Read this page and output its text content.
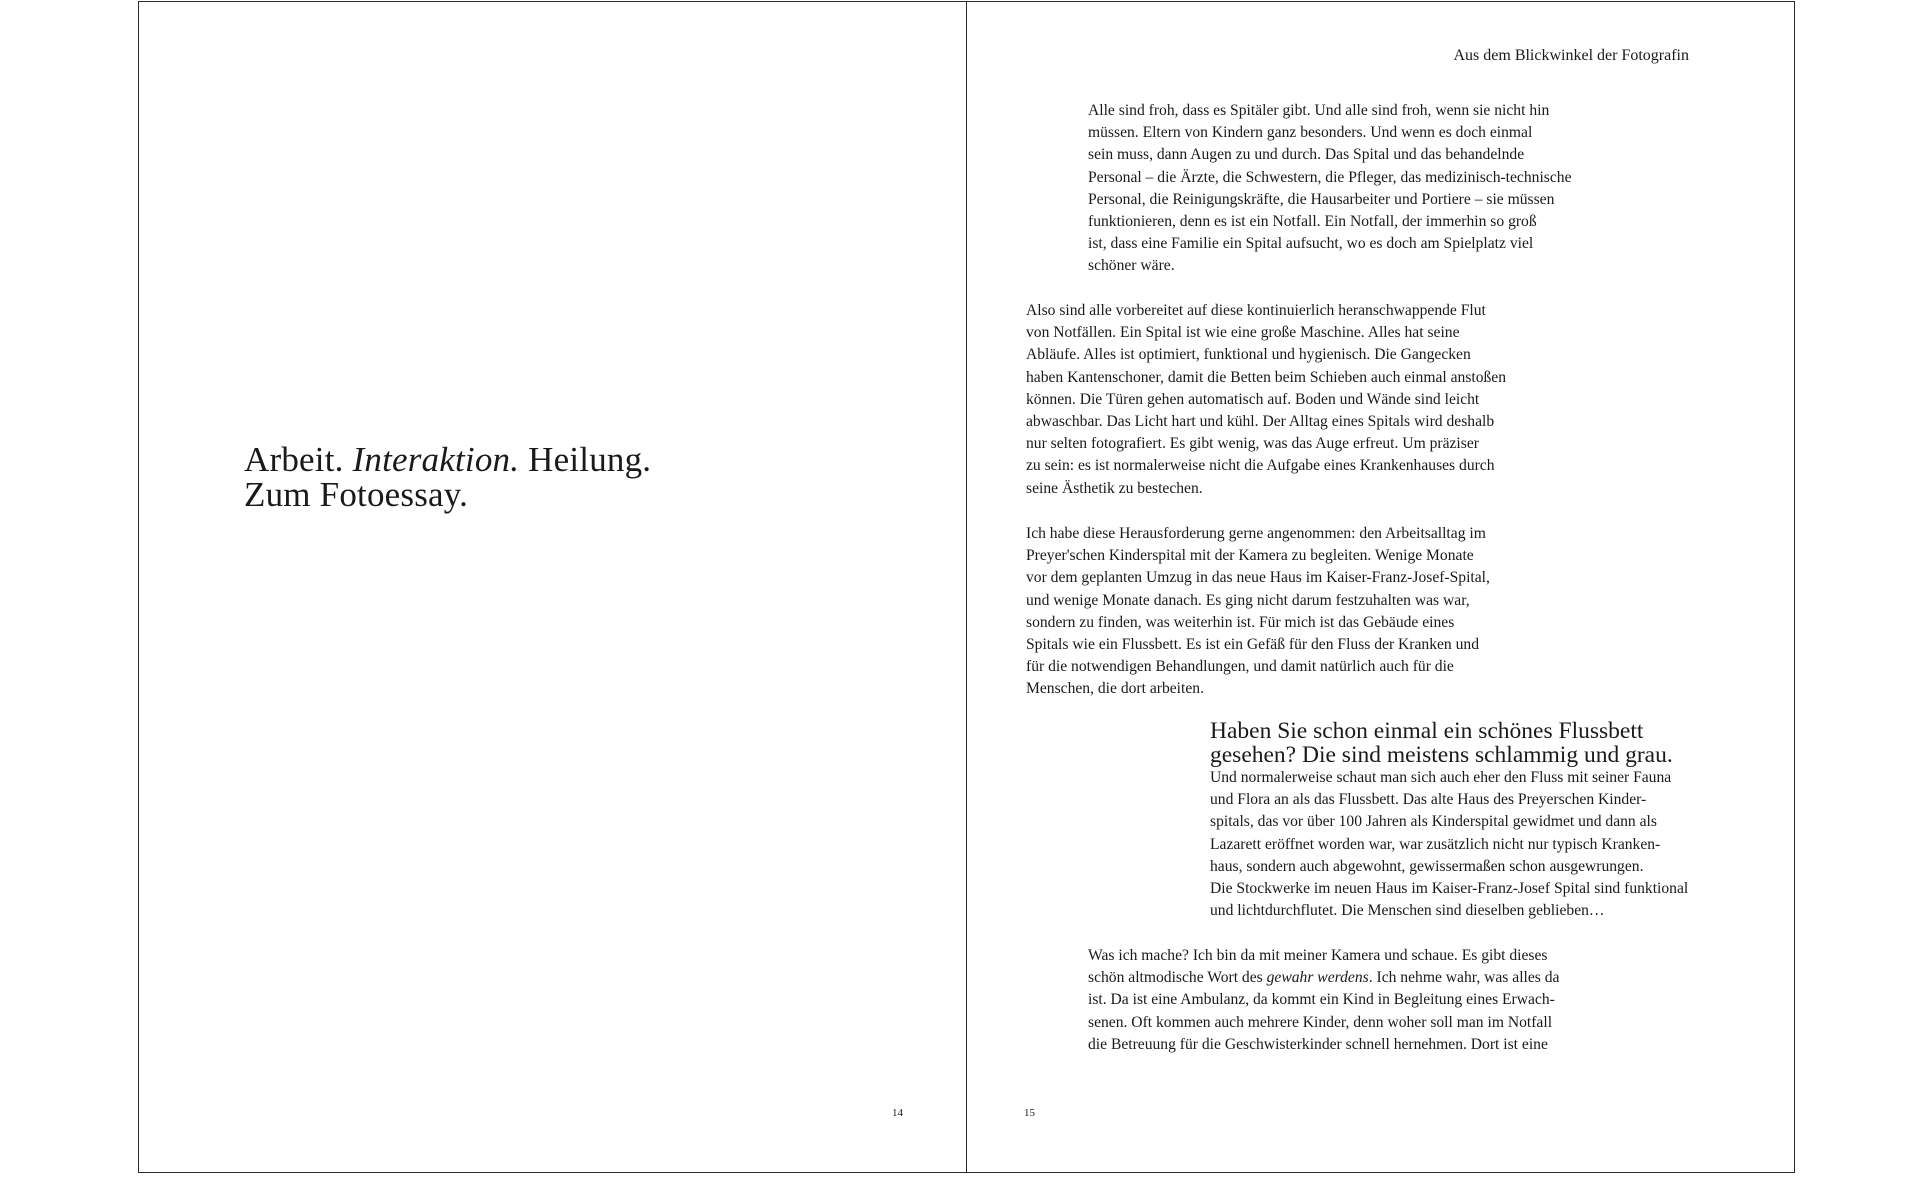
Arbeit. Interaktion. Heilung.
Zum Fotoessay.
14
Aus dem Blickwinkel der Fotografin

Alle sind froh, dass es Spitäler gibt. Und alle sind froh, wenn sie nicht hin
müssen. Eltern von Kindern ganz besonders. Und wenn es doch einmal
sein muss, dann Augen zu und durch. Das Spital und das behandelnde
Personal – die Ärzte, die Schwestern, die Pfleger, das medizinisch-technische
Personal, die Reinigungskräfte, die Hausarbeiter und Portiere – sie müssen
funktionieren, denn es ist ein Notfall. Ein Notfall, der immerhin so groß
ist, dass eine Familie ein Spital aufsucht, wo es doch am Spielplatz viel
schöner wäre.

Also sind alle vorbereitet auf diese kontinuierlich heranschwappende Flut
von Notfällen. Ein Spital ist wie eine große Maschine. Alles hat seine
Abläufe. Alles ist optimiert, funktional und hygienisch. Die Gangecken
haben Kantenschoner, damit die Betten beim Schieben auch einmal anstoßen
können. Die Türen gehen automatisch auf. Boden und Wände sind leicht
abwaschbar. Das Licht hart und kühl. Der Alltag eines Spitals wird deshalb
nur selten fotografiert. Es gibt wenig, was das Auge erfreut. Um präziser
zu sein: es ist normalerweise nicht die Aufgabe eines Krankenhauses durch
seine Ästhetik zu bestechen.

Ich habe diese Herausforderung gerne angenommen: den Arbeitsalltag im
Preyer'schen Kinderspital mit der Kamera zu begleiten. Wenige Monate
vor dem geplanten Umzug in das neue Haus im Kaiser-Franz-Josef-Spital,
und wenige Monate danach. Es ging nicht darum festzuhalten was war,
sondern zu finden, was weiterhin ist. Für mich ist das Gebäude eines
Spitals wie ein Flussbett. Es ist ein Gefäß für den Fluss der Kranken und
für die notwendigen Behandlungen, und damit natürlich auch für die
Menschen, die dort arbeiten.

Haben Sie schon einmal ein schönes Flussbett
gesehen? Die sind meistens schlammig und grau.

Und normalerweise schaut man sich auch eher den Fluss mit seiner Fauna
und Flora an als das Flussbett. Das alte Haus des Preyerschen Kinder-
spitals, das vor über 100 Jahren als Kinderspital gewidmet und dann als
Lazarett eröffnet worden war, war zusätzlich nicht nur typisch Kranken-
haus, sondern auch abgewohnt, gewissermaßen schon ausgewrungen.
Die Stockwerke im neuen Haus im Kaiser-Franz-Josef Spital sind funktional
und lichtdurchflutet. Die Menschen sind dieselben geblieben…

Was ich mache? Ich bin da mit meiner Kamera und schaue. Es gibt dieses
schön altmodische Wort des gewahr werdens. Ich nehme wahr, was alles da
ist. Da ist eine Ambulanz, da kommt ein Kind in Begleitung eines Erwach-
senen. Oft kommen auch mehrere Kinder, denn woher soll man im Notfall
die Betreuung für die Geschwisterkinder schnell hernehmen. Dort ist eine

15
